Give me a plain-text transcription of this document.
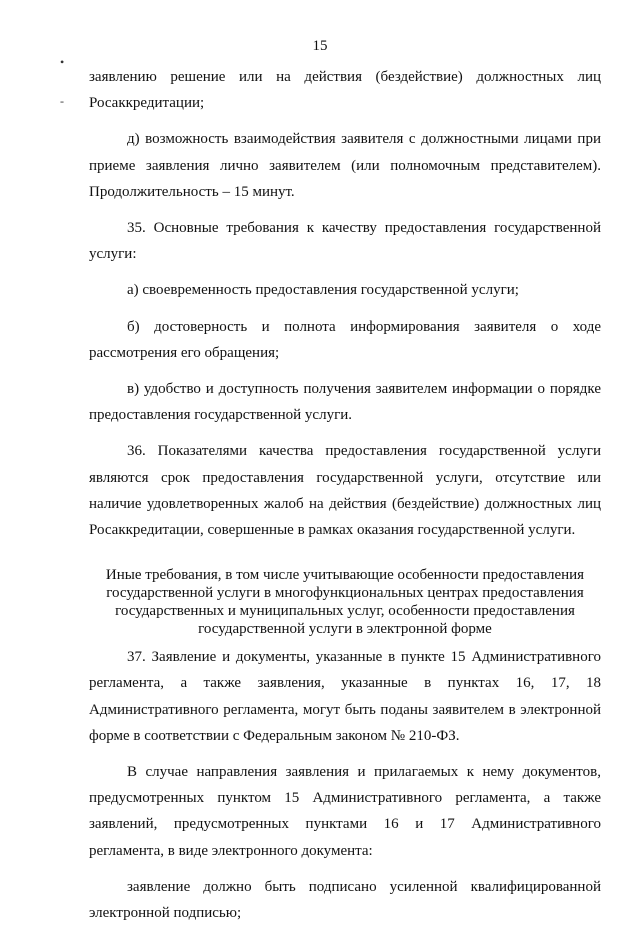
15
•
-

заявлению решение или на действия (бездействие) должностных лиц Росаккредитации;

д) возможность взаимодействия заявителя с должностными лицами при приеме заявления лично заявителем (или полномочным представителем). Продолжительность – 15 минут.

35. Основные требования к качеству предоставления государственной услуги:

а) своевременность предоставления государственной услуги;

б) достоверность и полнота информирования заявителя о ходе рассмотрения его обращения;

в) удобство и доступность получения заявителем информации о порядке предоставления государственной услуги.

36. Показателями качества предоставления государственной услуги являются срок предоставления государственной услуги, отсутствие или наличие удовлетворенных жалоб на действия (бездействие) должностных лиц Росаккредитации, совершенные в рамках оказания государственной услуги.

Иные требования, в том числе учитывающие особенности предоставления государственной услуги в многофункциональных центрах предоставления государственных и муниципальных услуг, особенности предоставления государственной услуги в электронной форме

37. Заявление и документы, указанные в пункте 15 Административного регламента, а также заявления, указанные в пунктах 16, 17, 18 Административного регламента, могут быть поданы заявителем в электронной форме в соответствии с Федеральным законом № 210-ФЗ.

В случае направления заявления и прилагаемых к нему документов, предусмотренных пунктом 15 Административного регламента, а также заявлений, предусмотренных пунктами 16 и 17 Административного регламента, в виде электронного документа:

заявление должно быть подписано усиленной квалифицированной электронной подписью;
